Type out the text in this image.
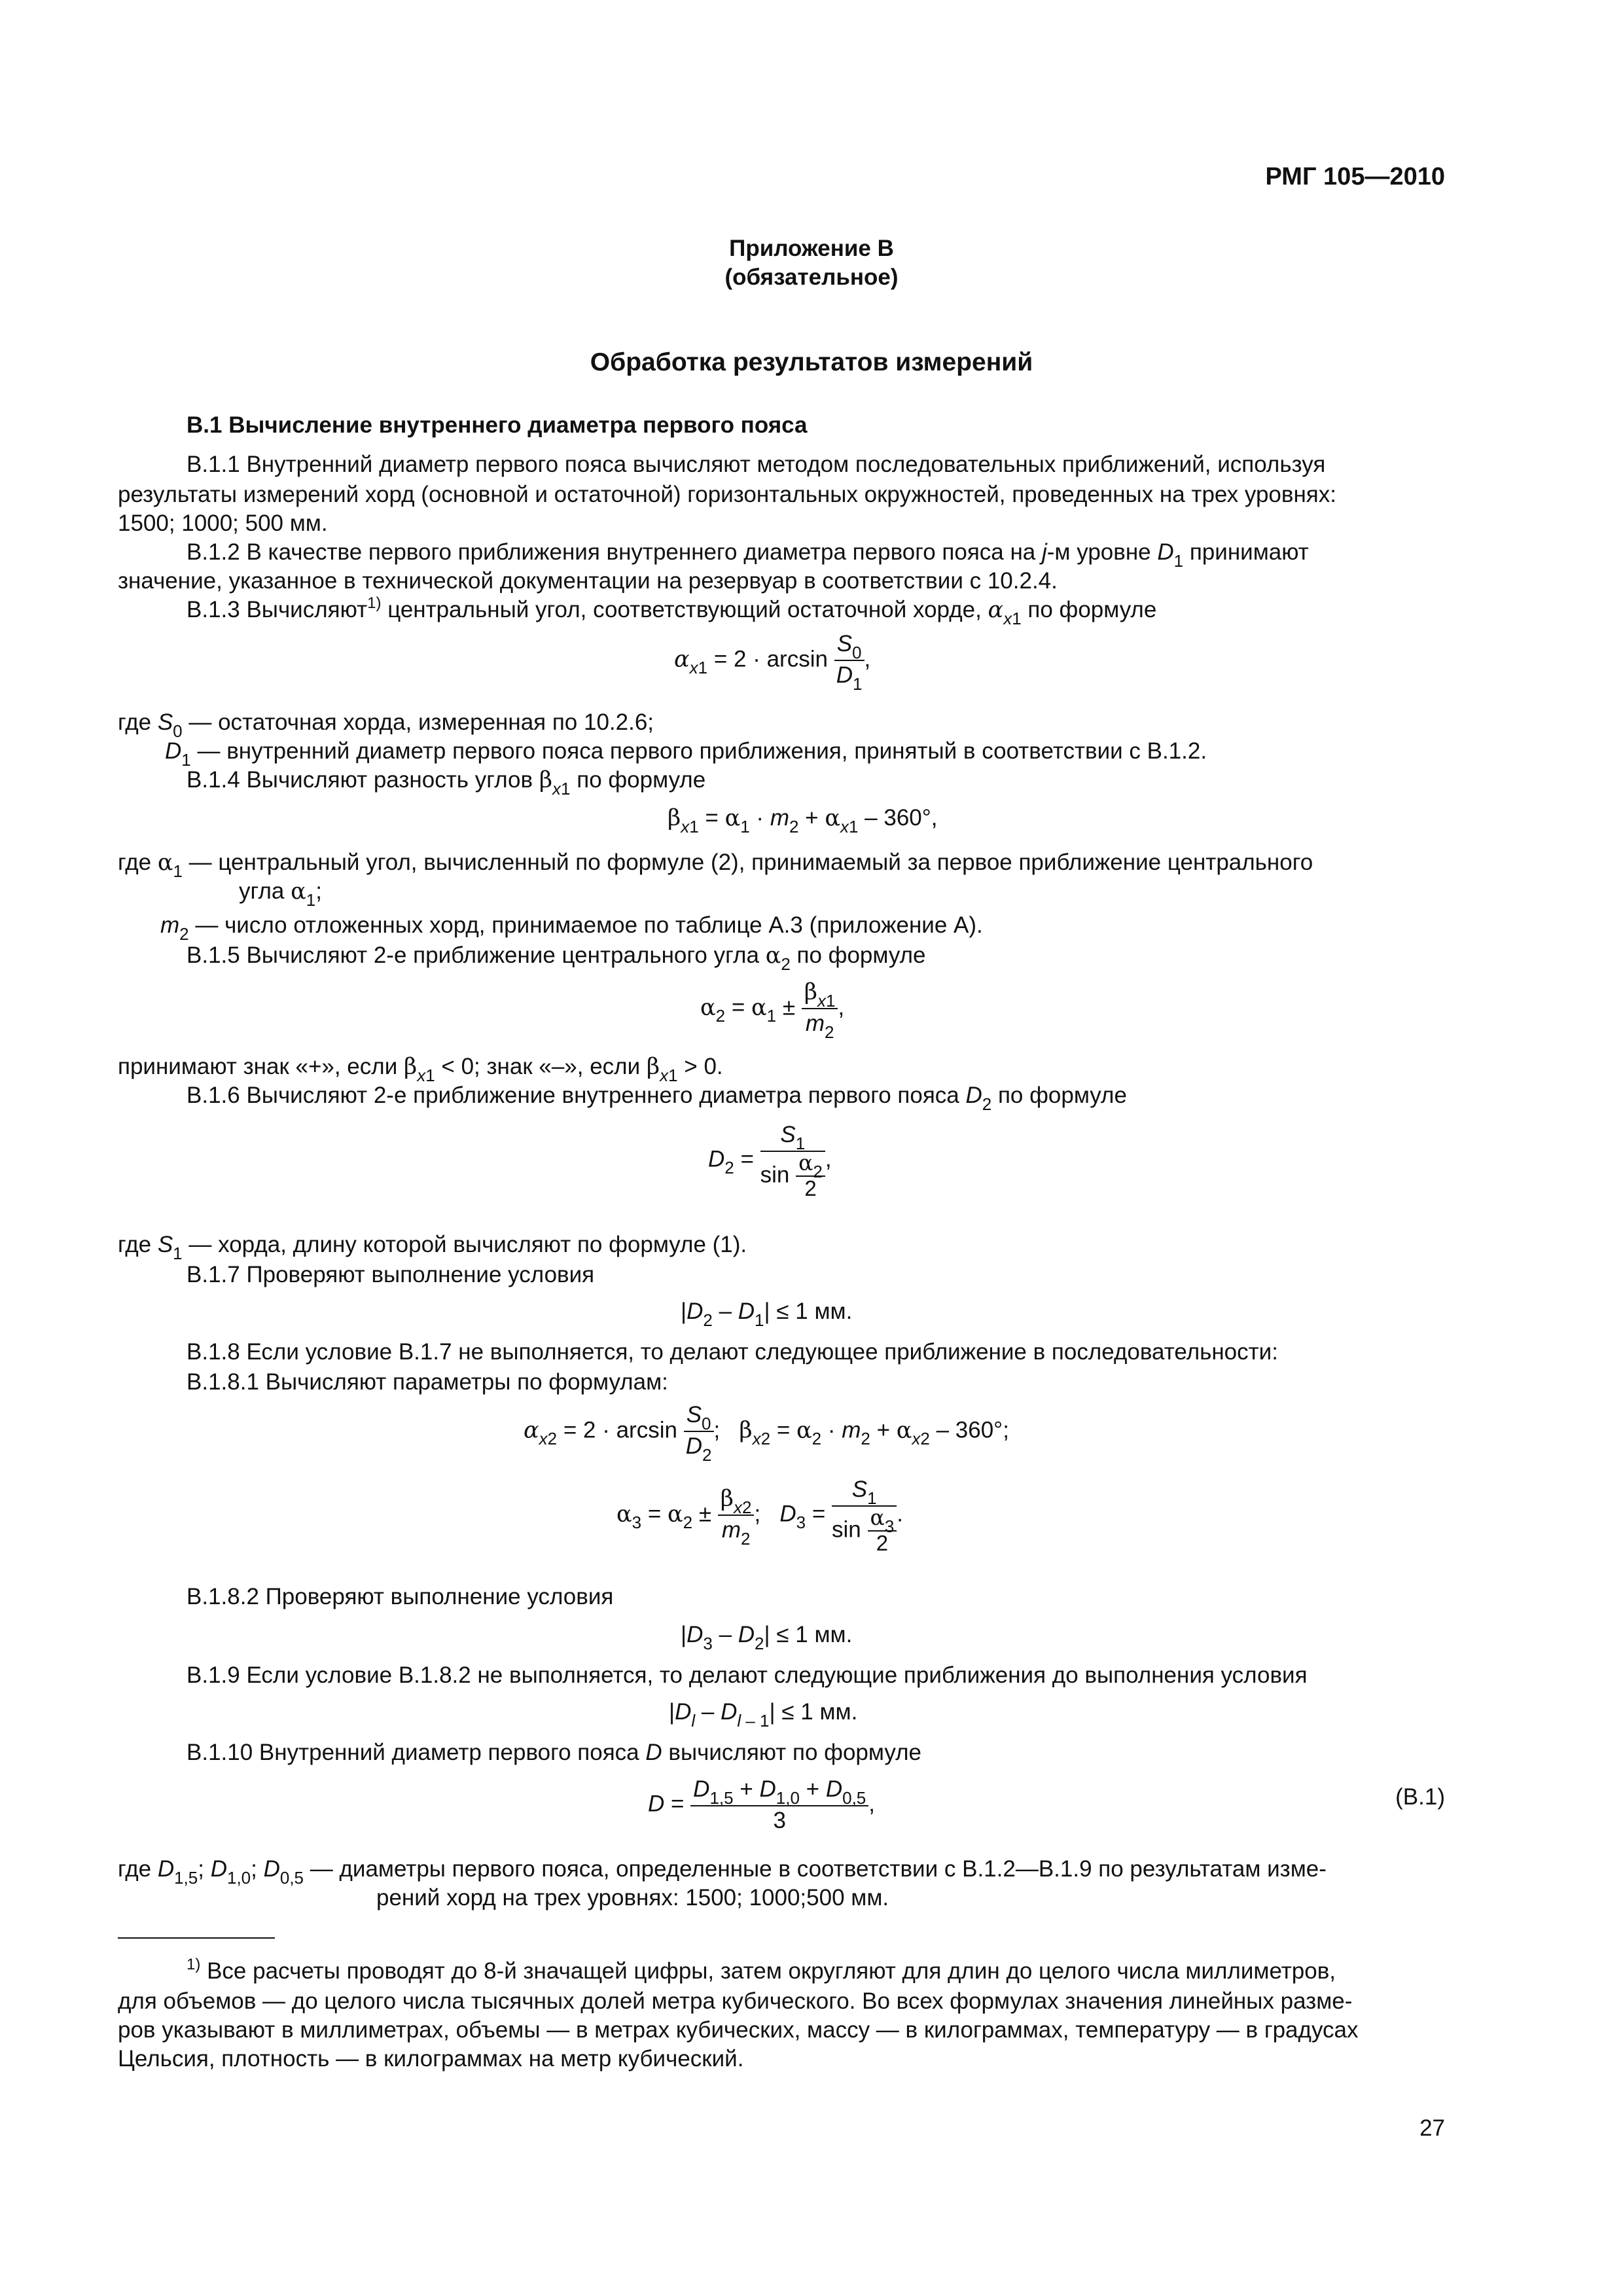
РМГ 105—2010
Приложение В
(обязательное)
Обработка результатов измерений
В.1 Вычисление внутреннего диаметра первого пояса
В.1.1 Внутренний диаметр первого пояса вычисляют методом последовательных приближений, используя
результаты измерений хорд (основной и остаточной) горизонтальных окружностей, проведенных на трех уровнях:
1500; 1000; 500 мм.
В.1.2 В качестве первого приближения внутреннего диаметра первого пояса на j-м уровне $D_1$ принимают
значение, указанное в технической документации на резервуар в соответствии с 10.2.4.
В.1.3 Вычисляют$^{1)}$ центральный угол, соответствующий остаточной хорде, $\alpha_{x1}$ по формуле
$\alpha_{x1} = 2 \cdot \arcsin \frac{S_0}{D_1}$ ,
где $S_0$ — остаточная хорда, измеренная по 10.2.6;
$D_1$ — внутренний диаметр первого пояса первого приближения, принятый в соответствии с В.1.2.
В.1.4 Вычисляют разность углов $\beta_{x1}$ по формуле
$\beta_{x1} = \alpha_1 \cdot m_2 + \alpha_{x1} - 360^\circ$,
где $\alpha_1$ — центральный угол, вычисленный по формуле (2), принимаемый за первое приближение центрального
угла $\alpha_1$;
$m_2$ — число отложенных хорд, принимаемое по таблице А.3 (приложение А).
В.1.5 Вычисляют 2-е приближение центрального угла $\alpha_2$ по формуле
$\alpha_2 = \alpha_1 \pm \frac{\beta_{x1}}{m_2}$ ,
принимают знак «+», если $\beta_{x1} < 0$; знак «–», если $\beta_{x1} > 0$.
В.1.6 Вычисляют 2-е приближение внутреннего диаметра первого пояса $D_2$ по формуле
$D_2 = \frac{S_1}{\sin \frac{\alpha_2}{2}}$ ,
где $S_1$ — хорда, длину которой вычисляют по формуле (1).
В.1.7 Проверяют выполнение условия
$|D_2 - D_1| \le 1$ мм.
В.1.8 Если условие В.1.7 не выполняется, то делают следующее приближение в последовательности:
В.1.8.1 Вычисляют параметры по формулам:
$\alpha_{x2} = 2 \cdot \arcsin \frac{S_0}{D_2}$ ;   $\beta_{x2} = \alpha_2 \cdot m_2 + \alpha_{x2} - 360^\circ$;
$\alpha_3 = \alpha_2 \pm \frac{\beta_{x2}}{m_2}$ ;   $D_3 = \frac{S_1}{\sin \frac{\alpha_3}{2}}$ .
В.1.8.2 Проверяют выполнение условия
$|D_3 - D_2| \le 1$ мм.
В.1.9 Если условие В.1.8.2 не выполняется, то делают следующие приближения до выполнения условия
$|D_l - D_{l - 1}| \le 1$ мм.
В.1.10 Внутренний диаметр первого пояса D вычисляют по формуле
$D = \frac{D_{1,5} + D_{1,0} + D_{0,5}}{3}$ ,	(В.1)
где $D_{1,5}$; $D_{1,0}$; $D_{0,5}$ — диаметры первого пояса, определенные в соответствии с В.1.2—В.1.9 по результатам изме-
рений хорд на трех уровнях: 1500; 1000;500 мм.
$^{1)}$ Все расчеты проводят до 8-й значащей цифры, затем округляют для длин до целого числа миллиметров,
для объемов — до целого числа тысячных долей метра кубического. Во всех формулах значения линейных разме-
ров указывают в миллиметрах, объемы — в метрах кубических, массу — в килограммах, температуру — в градусах
Цельсия, плотность — в килограммах на метр кубический.
27
